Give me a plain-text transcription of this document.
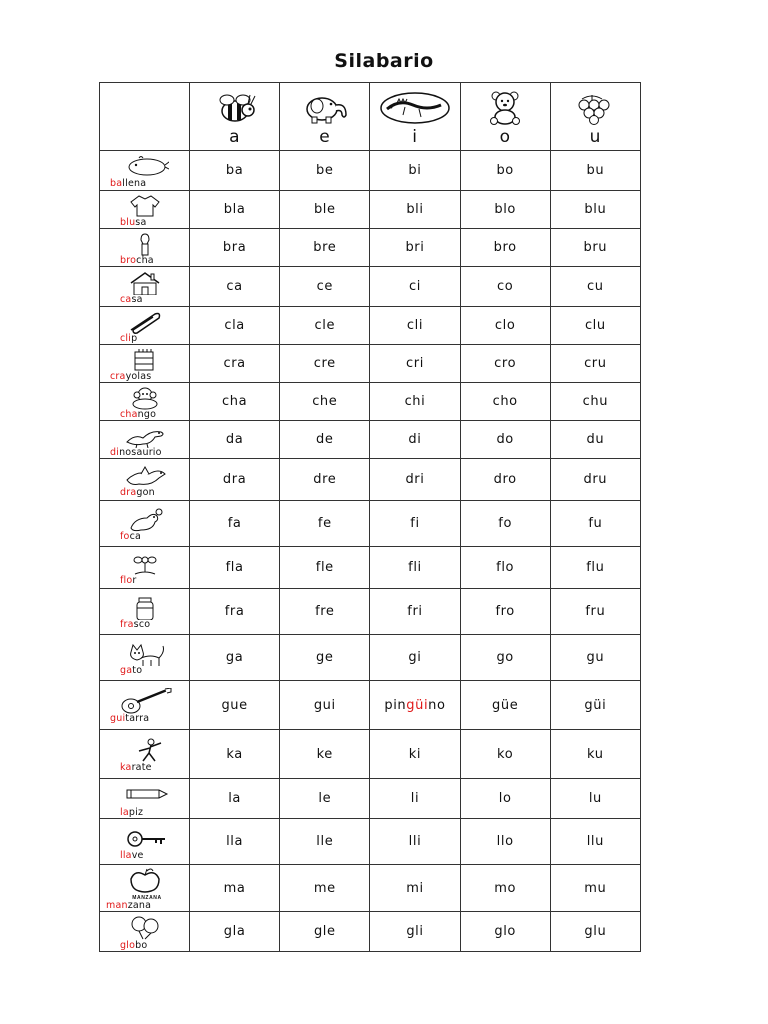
Silabario

	a	e	i	o	u

ballena	ba	be	bi	bo	bu

blusa	bla	ble	bli	blo	blu

brocha	bra	bre	bri	bro	bru

casa	ca	ce	ci	co	cu

clip	cla	cle	cli	clo	clu

crayolas	cra	cre	cri	cro	cru

chango	cha	che	chi	cho	chu

dinosaurio	da	de	di	do	du

dragon	dra	dre	dri	dro	dru

foca	fa	fe	fi	fo	fu

flor	fla	fle	fli	flo	flu

frasco	fra	fre	fri	fro	fru

gato	ga	ge	gi	go	gu

guitarra	gue	gui	pingüino	güe	güi

karate	ka	ke	ki	ko	ku

lapiz	la	le	li	lo	lu

llave	lla	lle	lli	llo	llu

MANZANA
manzana	ma	me	mi	mo	mu

globo	gla	gle	gli	glo	glu
